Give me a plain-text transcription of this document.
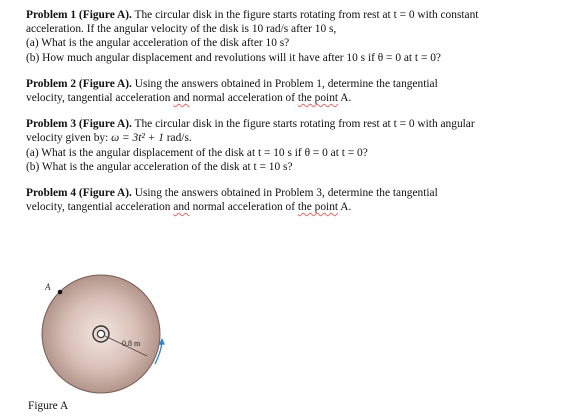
Problem 1 (Figure A). The circular disk in the figure starts rotating from rest at t = 0 with constant
acceleration. If the angular velocity of the disk is 10 rad/s after 10 s,
(a) What is the angular acceleration of the disk after 10 s?
(b) How much angular displacement and revolutions will it have after 10 s if θ = 0 at t = 0?

Problem 2 (Figure A). Using the answers obtained in Problem 1, determine the tangential
velocity, tangential acceleration and normal acceleration of the point A.

Problem 3 (Figure A). The circular disk in the figure starts rotating from rest at t = 0 with angular
velocity given by: ω = 3t² + 1 rad/s.
(a) What is the angular displacement of the disk at t = 10 s if θ = 0 at t = 0?
(b) What is the angular acceleration of the disk at t = 10 s?

Problem 4 (Figure A). Using the answers obtained in Problem 3, determine the tangential
velocity, tangential acceleration and normal acceleration of the point A.

A
0.8 m
Figure A
